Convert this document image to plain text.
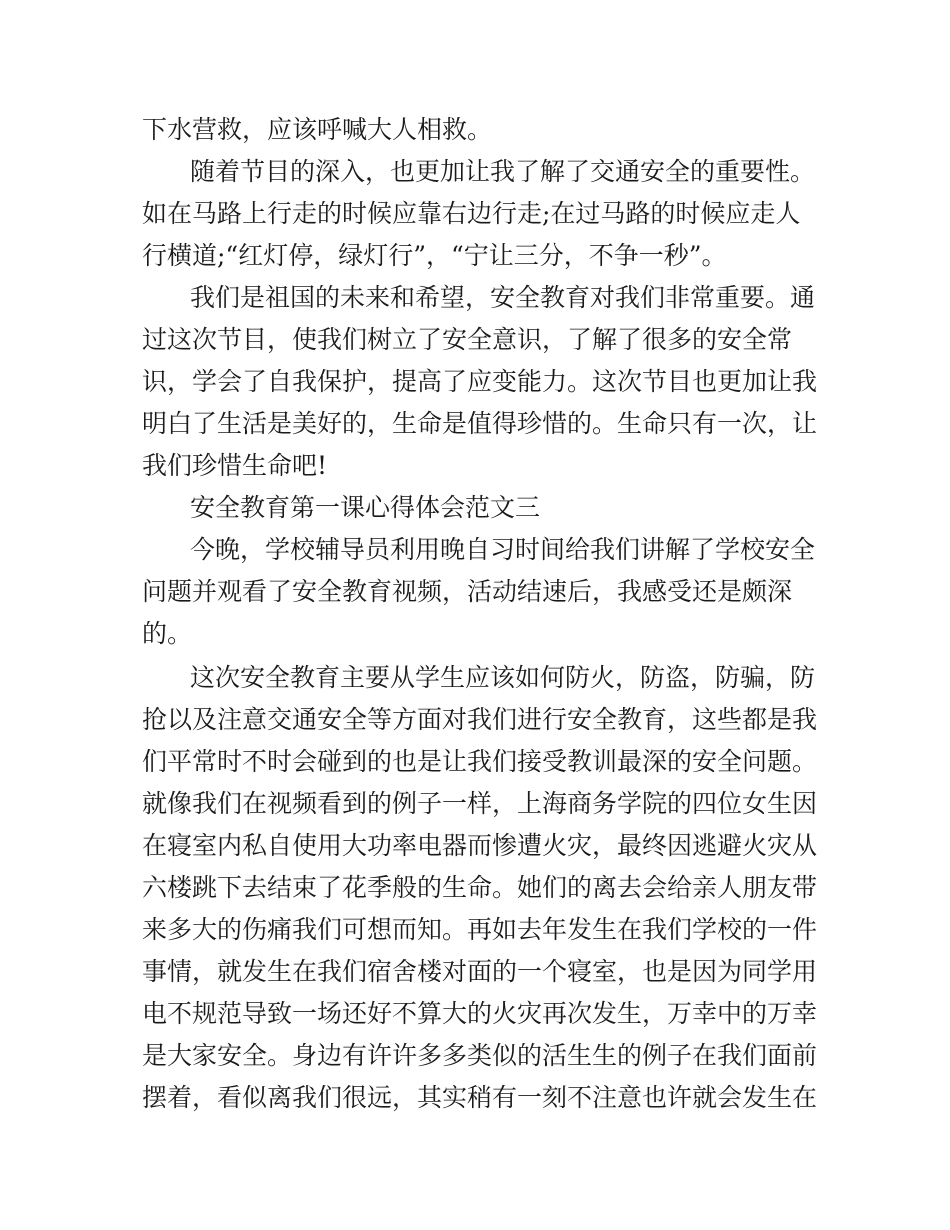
下水营救，应该呼喊大人相救。
随着节目的深入，也更加让我了解了交通安全的重要性。
如在马路上行走的时候应靠右边行走;在过马路的时候应走人
行横道;“红灯停，绿灯行”，“宁让三分，不争一秒”。
我们是祖国的未来和希望，安全教育对我们非常重要。通
过这次节目，使我们树立了安全意识，了解了很多的安全常
识，学会了自我保护，提高了应变能力。这次节目也更加让我
明白了生活是美好的，生命是值得珍惜的。生命只有一次，让
我们珍惜生命吧!
安全教育第一课心得体会范文三
今晚，学校辅导员利用晚自习时间给我们讲解了学校安全
问题并观看了安全教育视频，活动结速后，我感受还是颇深
的。
这次安全教育主要从学生应该如何防火，防盗，防骗，防
抢以及注意交通安全等方面对我们进行安全教育，这些都是我
们平常时不时会碰到的也是让我们接受教训最深的安全问题。
就像我们在视频看到的例子一样，上海商务学院的四位女生因
在寝室内私自使用大功率电器而惨遭火灾，最终因逃避火灾从
六楼跳下去结束了花季般的生命。她们的离去会给亲人朋友带
来多大的伤痛我们可想而知。再如去年发生在我们学校的一件
事情，就发生在我们宿舍楼对面的一个寝室，也是因为同学用
电不规范导致一场还好不算大的火灾再次发生，万幸中的万幸
是大家安全。身边有许许多多类似的活生生的例子在我们面前
摆着，看似离我们很远，其实稍有一刻不注意也许就会发生在
